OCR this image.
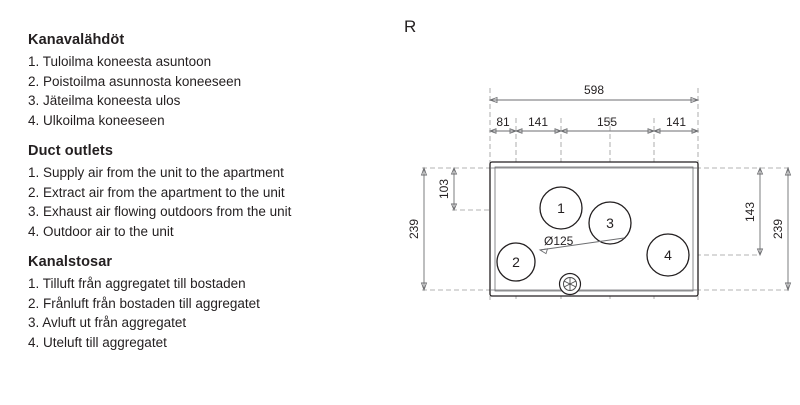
Kanavalähdöt
1. Tuloilma koneesta asuntoon
2. Poistoilma asunnosta koneeseen
3. Jäteilma koneesta ulos
4. Ulkoilma koneeseen
Duct outlets
1. Supply air from the unit to the apartment
2. Extract air from the apartment to the unit
3. Exhaust air flowing outdoors from the unit
4. Outdoor air to the unit
Kanalstosar
1. Tilluft från aggregatet till bostaden
2. Frånluft från bostaden till aggregatet
3. Avluft ut från aggregatet
4. Uteluft till aggregatet
R
598
81 141	155	141
239
103
143
239
1
2
3
4
Ø125
